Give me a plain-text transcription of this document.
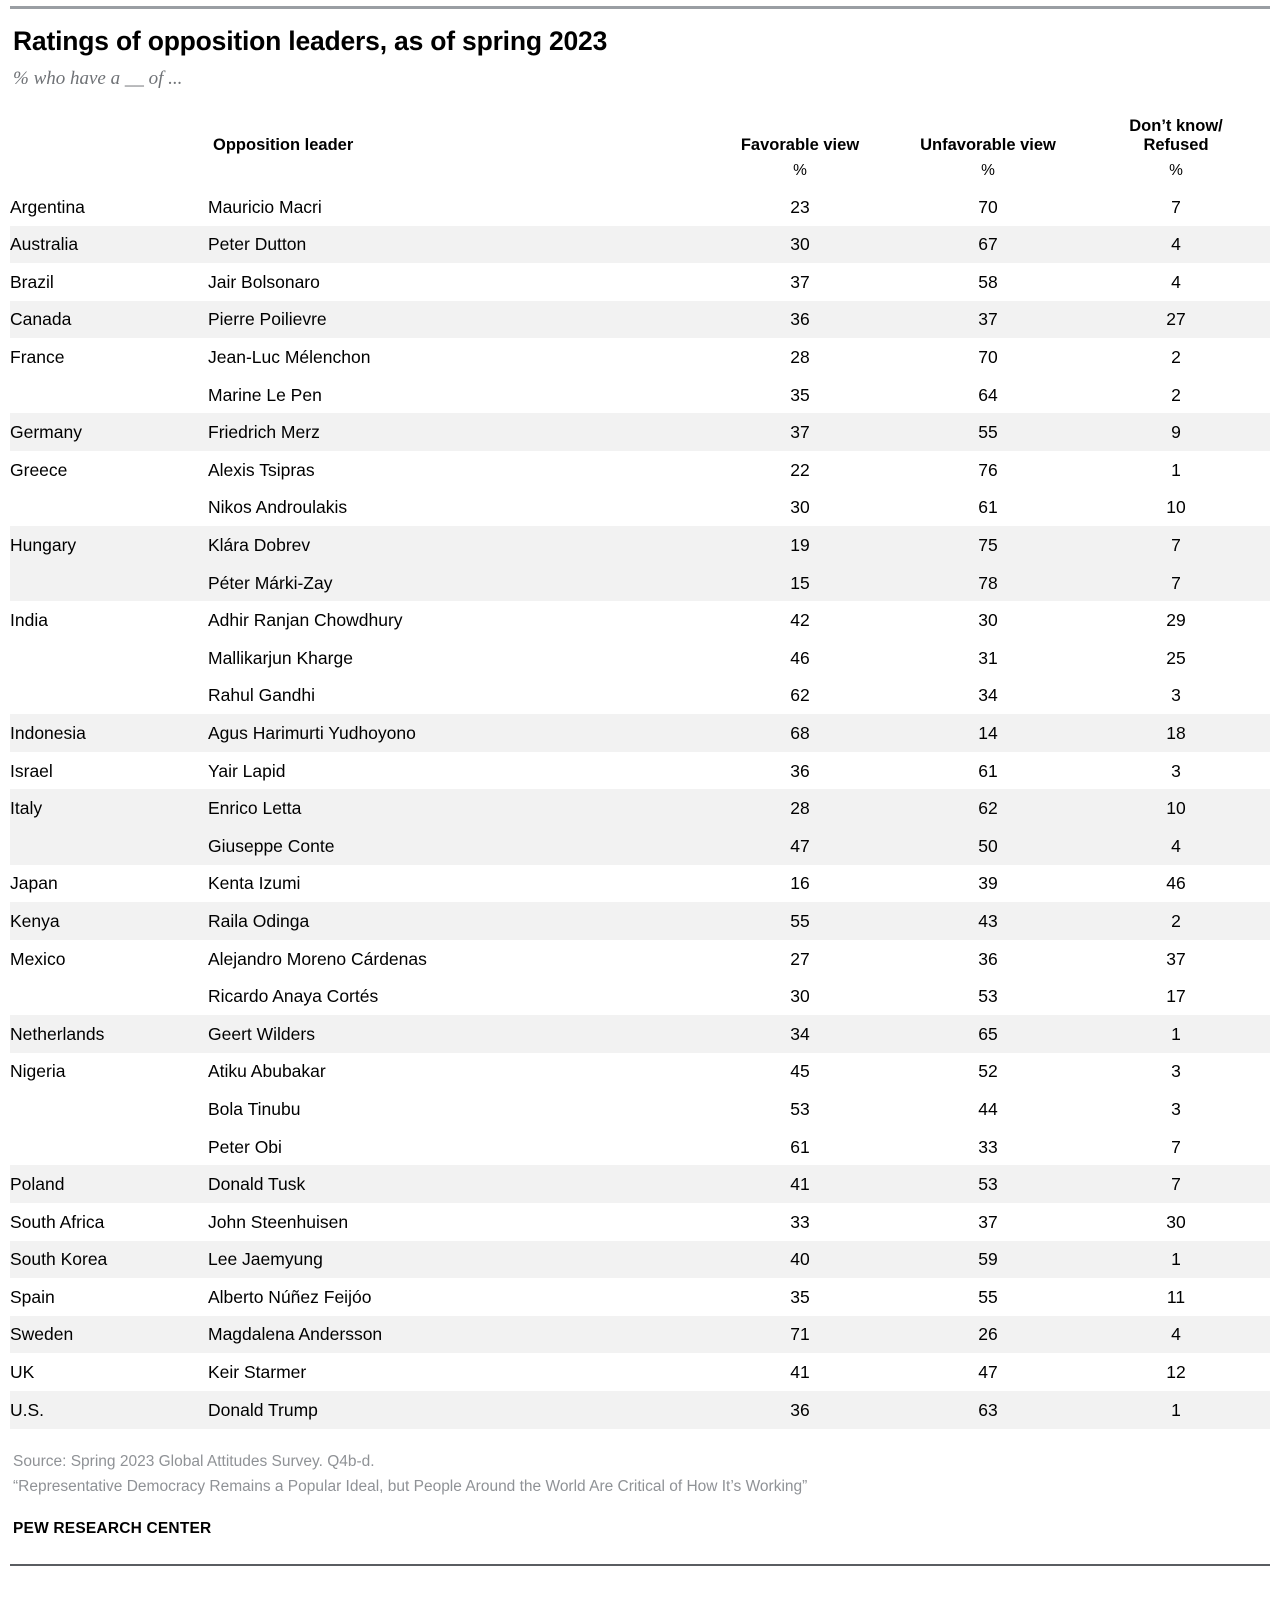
Ratings of opposition leaders, as of spring 2023
% who have a __ of ...
	Opposition leader	Favorable view	Unfavorable view	Don’t know/
Refused
		%	%	%
Argentina	Mauricio Macri	23	70	7
Australia	Peter Dutton	30	67	4
Brazil	Jair Bolsonaro	37	58	4
Canada	Pierre Poilievre	36	37	27
France	Jean-Luc Mélenchon	28	70	2
	Marine Le Pen	35	64	2
Germany	Friedrich Merz	37	55	9
Greece	Alexis Tsipras	22	76	1
	Nikos Androulakis	30	61	10
Hungary	Klára Dobrev	19	75	7
	Péter Márki-Zay	15	78	7
India	Adhir Ranjan Chowdhury	42	30	29
	Mallikarjun Kharge	46	31	25
	Rahul Gandhi	62	34	3
Indonesia	Agus Harimurti Yudhoyono	68	14	18
Israel	Yair Lapid	36	61	3
Italy	Enrico Letta	28	62	10
	Giuseppe Conte	47	50	4
Japan	Kenta Izumi	16	39	46
Kenya	Raila Odinga	55	43	2
Mexico	Alejandro Moreno Cárdenas	27	36	37
	Ricardo Anaya Cortés	30	53	17
Netherlands	Geert Wilders	34	65	1
Nigeria	Atiku Abubakar	45	52	3
	Bola Tinubu	53	44	3
	Peter Obi	61	33	7
Poland	Donald Tusk	41	53	7
South Africa	John Steenhuisen	33	37	30
South Korea	Lee Jaemyung	40	59	1
Spain	Alberto Núñez Feijóo	35	55	11
Sweden	Magdalena Andersson	71	26	4
UK	Keir Starmer	41	47	12
U.S.	Donald Trump	36	63	1
Source: Spring 2023 Global Attitudes Survey. Q4b-d.
“Representative Democracy Remains a Popular Ideal, but People Around the World Are Critical of How It’s Working”
PEW RESEARCH CENTER
